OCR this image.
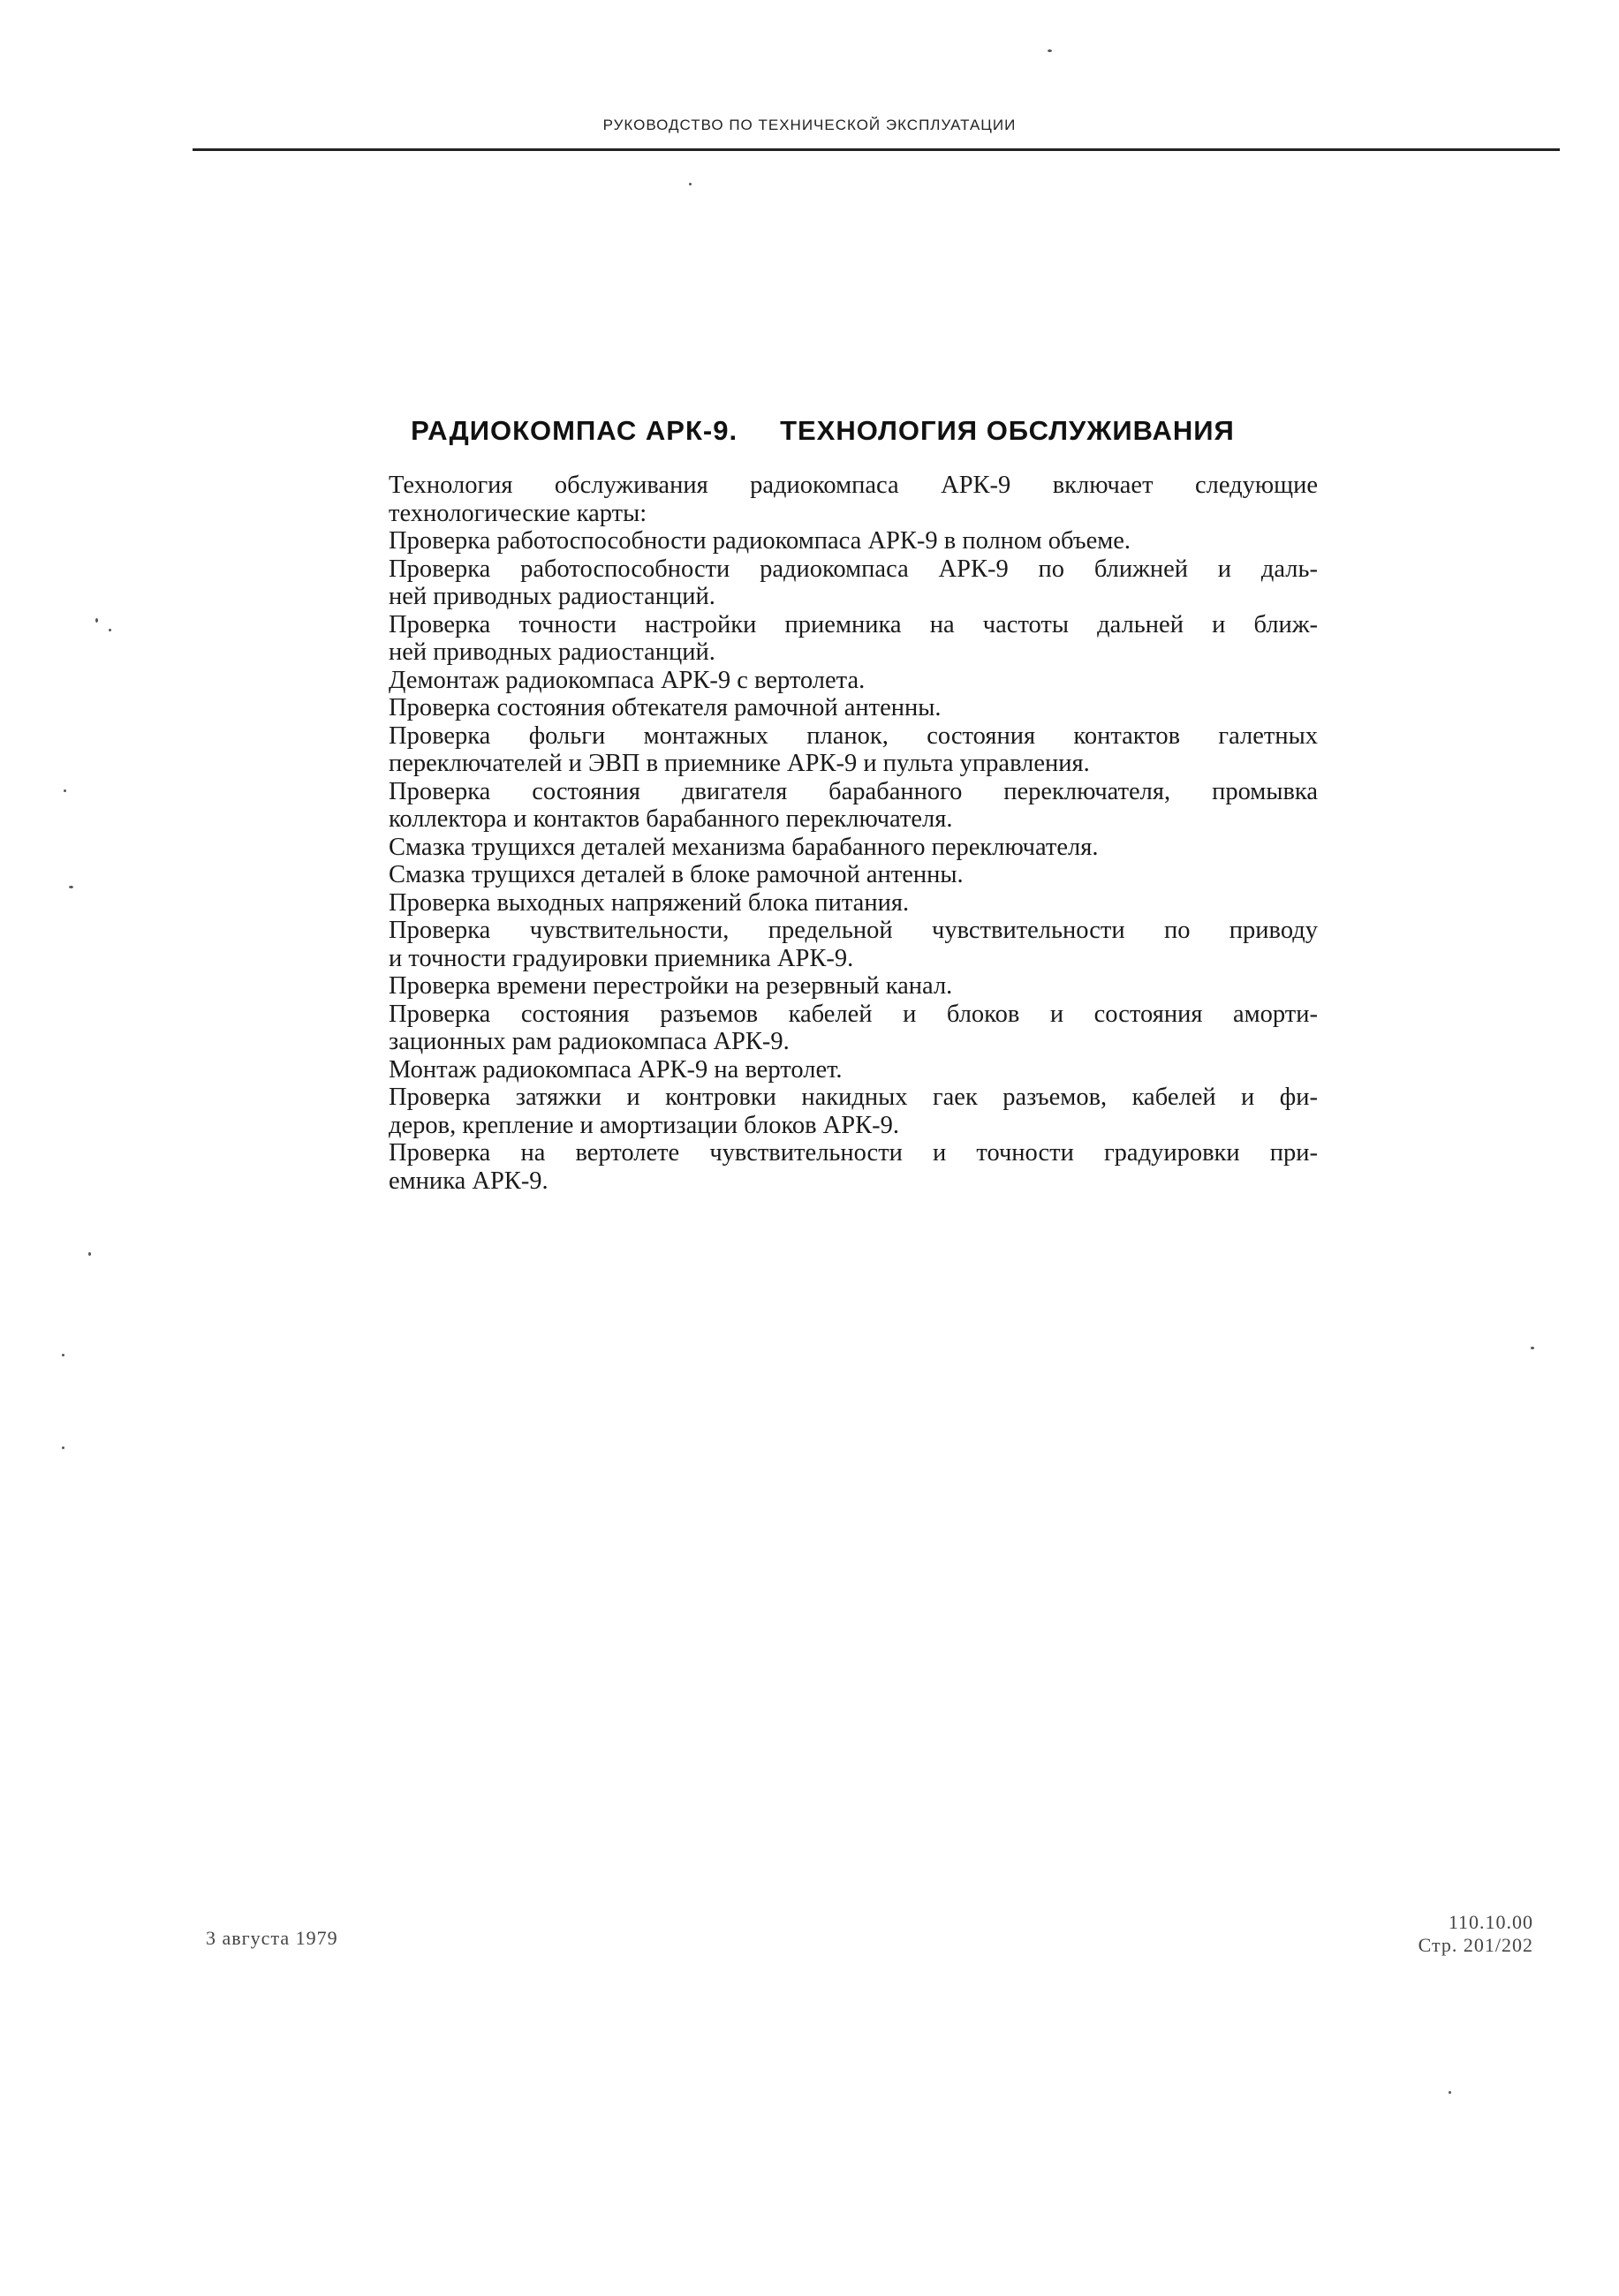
РУКОВОДСТВО ПО ТЕХНИЧЕСКОЙ ЭКСПЛУАТАЦИИ
РАДИОКОМПАС АРК-9. ТЕХНОЛОГИЯ ОБСЛУЖИВАНИЯ

Технология обслуживания радиокомпаса АРК-9 включает следующие

технологические карты:

Проверка работоспособности радиокомпаса АРК-9 в полном объеме.

Проверка работоспособности радиокомпаса АРК-9 по ближней и даль-
ней приводных радиостанций.

Проверка точности настройки приемника на частоты дальней и ближ-
ней приводных радиостанций.

Демонтаж радиокомпаса АРК-9 с вертолета.

Проверка состояния обтекателя рамочной антенны.

Проверка фольги монтажных планок, состояния контактов галетных
переключателей и ЭВП в приемнике АРК-9 и пульта управления.

Проверка состояния двигателя барабанного переключателя, промывка
коллектора и контактов барабанного переключателя.

Смазка трущихся деталей механизма барабанного переключателя.

Смазка трущихся деталей в блоке рамочной антенны.

Проверка выходных напряжений блока питания.

Проверка чувствительности, предельной чувствительности по приводу
и точности градуировки приемника АРК-9.

Проверка времени перестройки на резервный канал.

Проверка состояния разъемов кабелей и блоков и состояния аморти-
зационных рам радиокомпаса АРК-9.

Монтаж радиокомпаса АРК-9 на вертолет.

Проверка затяжки и контровки накидных гаек разъемов, кабелей и фи-
деров, крепление и амортизации блоков АРК-9.

Проверка на вертолете чувствительности и точности градуировки при-
емника АРК-9.

3 августа 1979
110.10.00
Стр. 201/202
